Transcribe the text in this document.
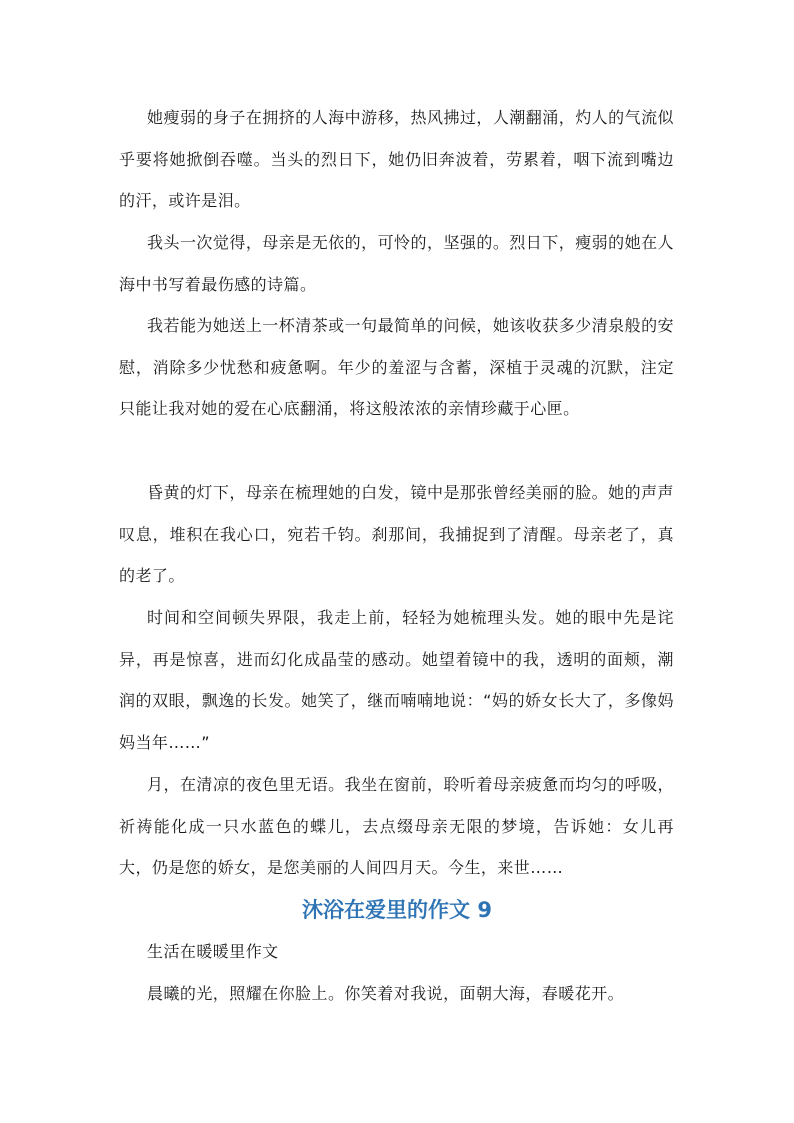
她瘦弱的身子在拥挤的人海中游移，热风拂过，人潮翻涌，灼人的气流似乎要将她掀倒吞噬。当头的烈日下，她仍旧奔波着，劳累着，咽下流到嘴边的汗，或许是泪。

我头一次觉得，母亲是无依的，可怜的，坚强的。烈日下，瘦弱的她在人海中书写着最伤感的诗篇。

我若能为她送上一杯清茶或一句最简单的问候，她该收获多少清泉般的安慰，消除多少忧愁和疲惫啊。年少的羞涩与含蓄，深植于灵魂的沉默，注定只能让我对她的爱在心底翻涌，将这般浓浓的亲情珍藏于心匣。

昏黄的灯下，母亲在梳理她的白发，镜中是那张曾经美丽的脸。她的声声叹息，堆积在我心口，宛若千钧。刹那间，我捕捉到了清醒。母亲老了，真的老了。

时间和空间顿失界限，我走上前，轻轻为她梳理头发。她的眼中先是诧异，再是惊喜，进而幻化成晶莹的感动。她望着镜中的我，透明的面颊，潮润的双眼，飘逸的长发。她笑了，继而喃喃地说：“妈的娇女长大了，多像妈妈当年……”

月，在清凉的夜色里无语。我坐在窗前，聆听着母亲疲惫而均匀的呼吸，祈祷能化成一只水蓝色的蝶儿，去点缀母亲无限的梦境，告诉她：女儿再大，仍是您的娇女，是您美丽的人间四月天。今生，来世……

沐浴在爱里的作文 9

生活在暖暖里作文

晨曦的光，照耀在你脸上。你笑着对我说，面朝大海，春暖花开。
